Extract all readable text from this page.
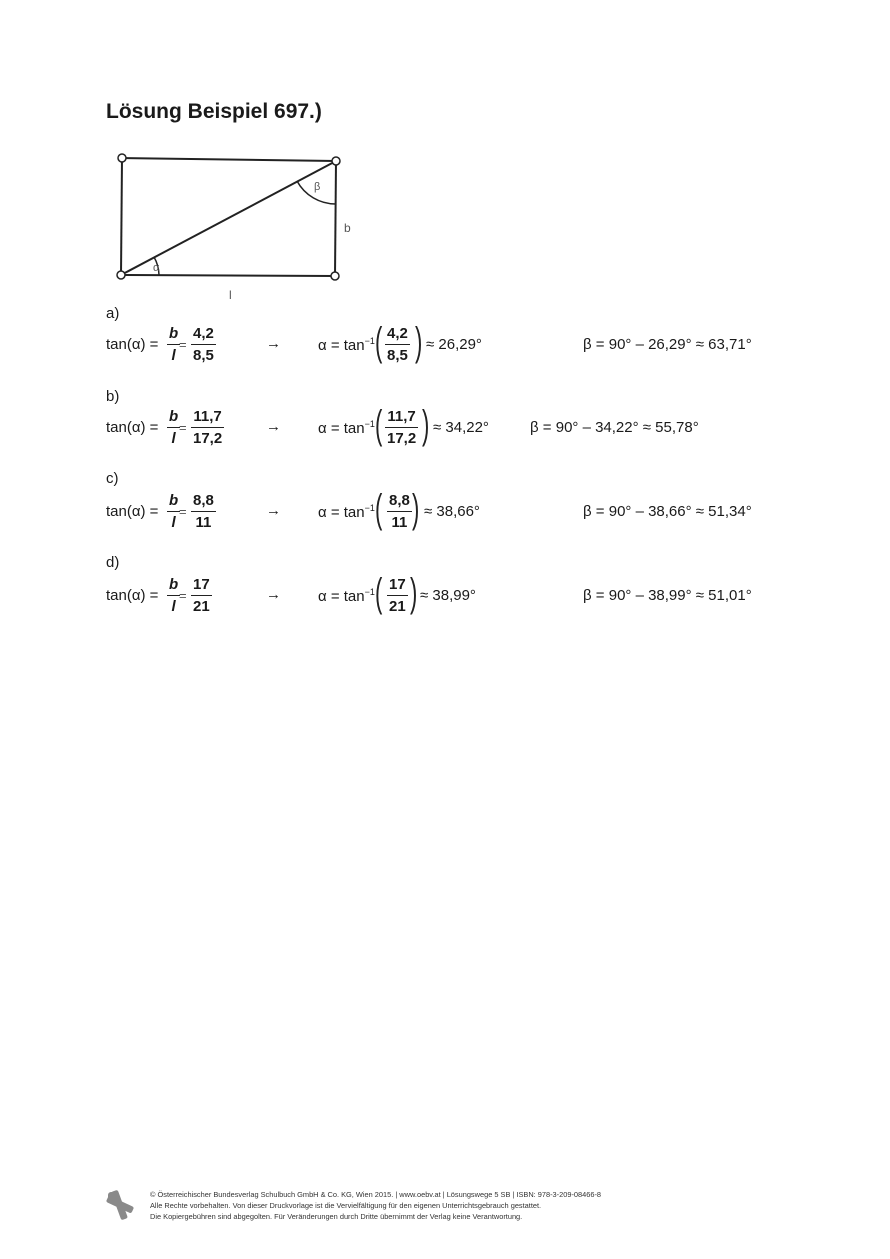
Lösung Beispiel 697.)
α
β
b
l
a)
tan(α) =
b
l
=
4,2
8,5
→ $\alpha = \tan^{-1}$ ( 4,2
8,5 ) ≈ 26,29°	β = 90° – 26,29° ≈ 63,71°
b)
tan(α) =
b
l
=
11,7
17,2
→ $\alpha = \tan^{-1}$ ( 11,7
17,2 ) ≈ 34,22°	β = 90° – 34,22° ≈ 55,78°
c)
tan(α) =
b
l
=
8,8
11
→ $\alpha = \tan^{-1}$ ( 8,8
11 ) ≈ 38,66°	β = 90° – 38,66° ≈ 51,34°
d)
tan(α) =
b
l
=
17
21
→ $\alpha = \tan^{-1}$ ( 17
21 ) ≈ 38,99°	β = 90° – 38,99° ≈ 51,01°
© Österreichischer Bundesverlag Schulbuch GmbH & Co. KG, Wien 2015. | www.oebv.at | Lösungswege 5 SB | ISBN: 978-3-209-08466-8
Alle Rechte vorbehalten. Von dieser Druckvorlage ist die Vervielfältigung für den eigenen Unterrichtsgebrauch gestattet.
Die Kopiergebühren sind abgegolten. Für Veränderungen durch Dritte übernimmt der Verlag keine Verantwortung.
